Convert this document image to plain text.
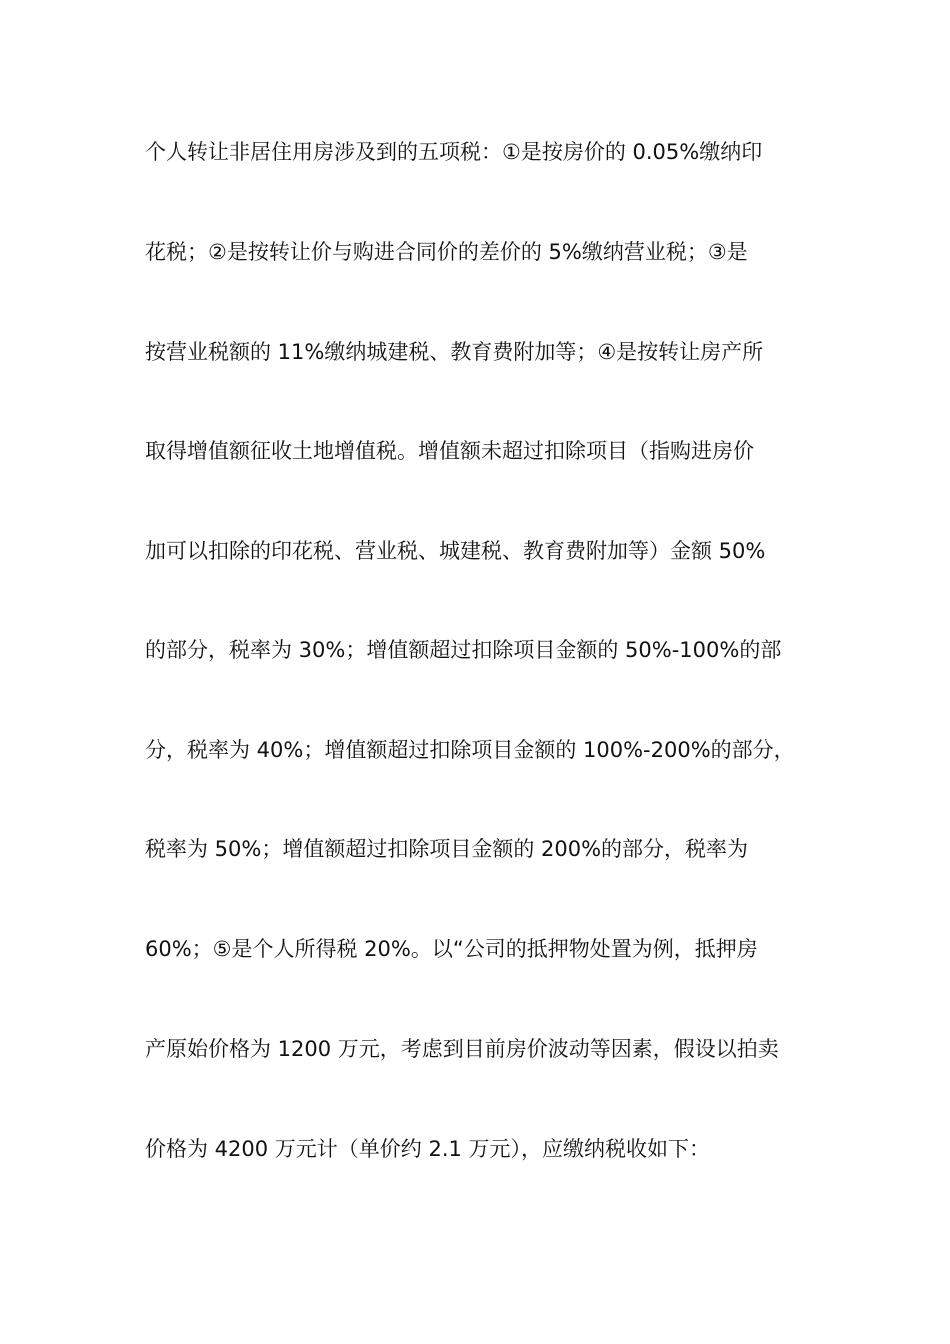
个人转让非居住用房涉及到的五项税：①是按房价的 0.05%缴纳印
花税；②是按转让价与购进合同价的差价的 5%缴纳营业税；③是
按营业税额的 11%缴纳城建税、教育费附加等；④是按转让房产所
取得增值额征收土地增值税。增值额未超过扣除项目（指购进房价
加可以扣除的印花税、营业税、城建税、教育费附加等）金额 50%
的部分，税率为 30%；增值额超过扣除项目金额的 50%-100%的部
分，税率为 40%；增值额超过扣除项目金额的 100%-200%的部分，
税率为 50%；增值额超过扣除项目金额的 200%的部分，税率为
60%；⑤是个人所得税 20%。以“公司的抵押物处置为例，抵押房
产原始价格为 1200 万元，考虑到目前房价波动等因素，假设以拍卖
价格为 4200 万元计（单价约 2.1 万元），应缴纳税收如下：
